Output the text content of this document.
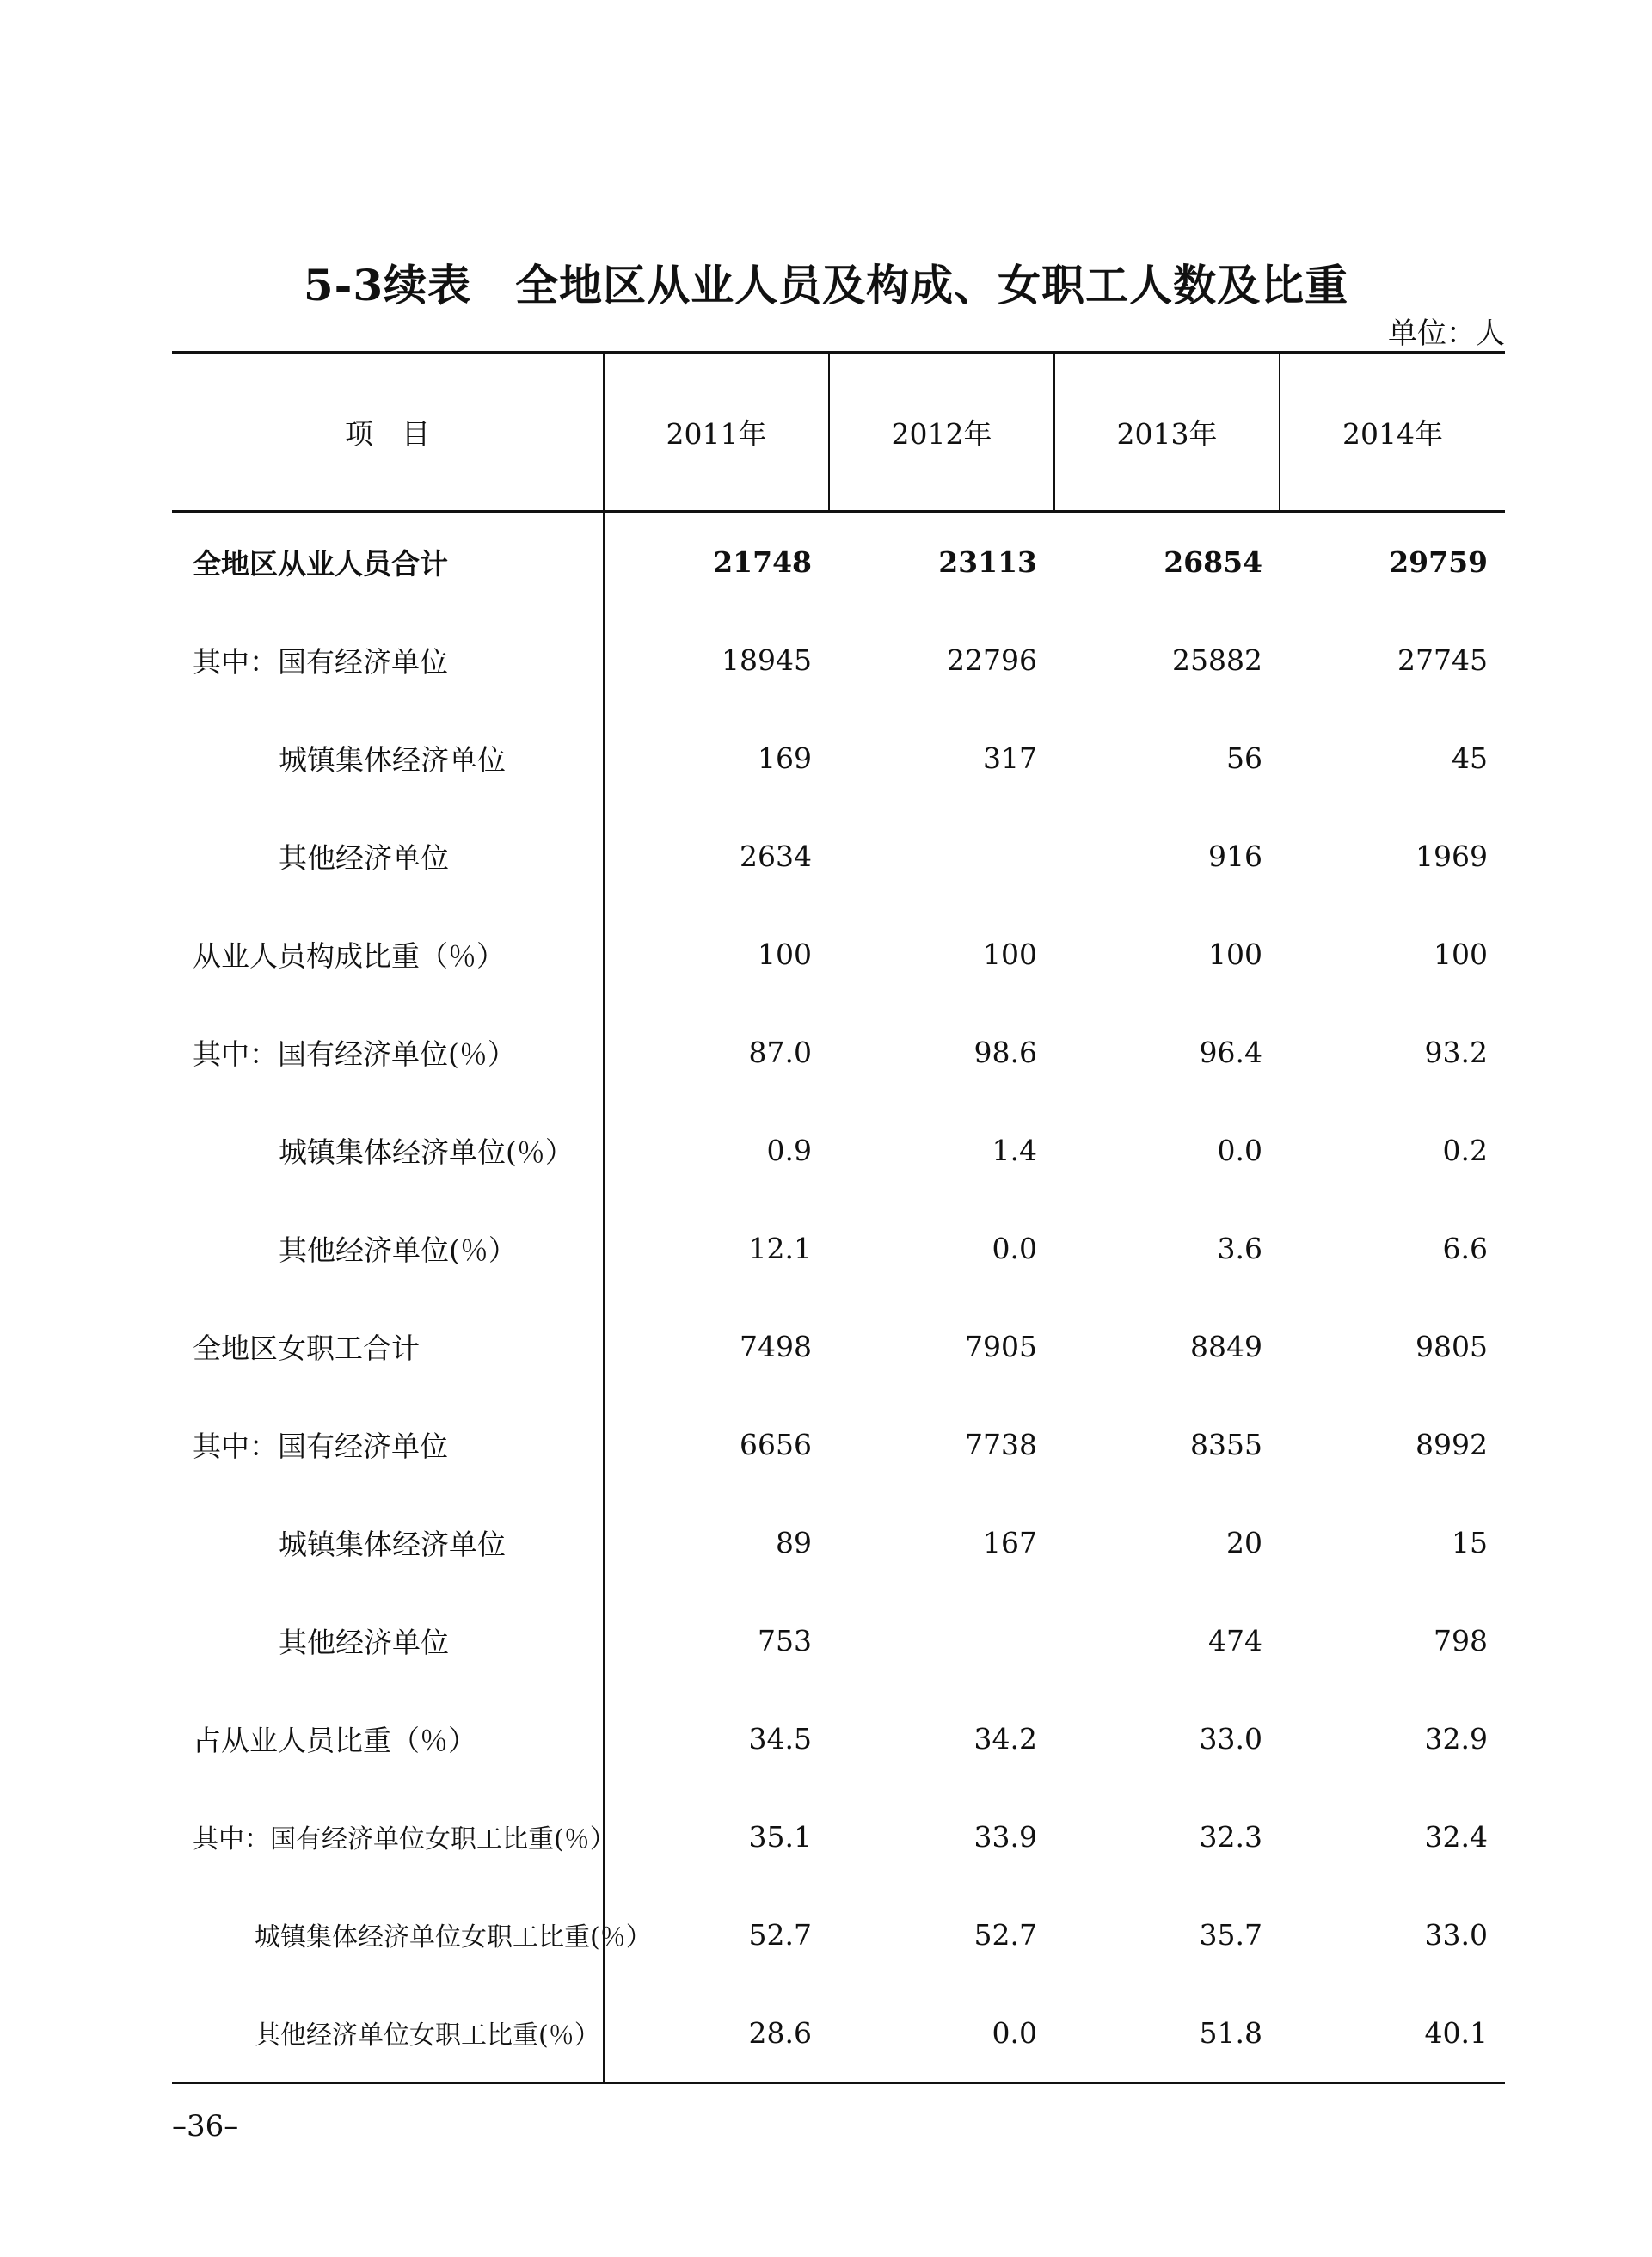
5-3续表　全地区从业人员及构成、女职工人数及比重
单位：人
项　目	2011年	2012年	2013年	2014年
全地区从业人员合计	21748	23113	26854	29759
其中：国有经济单位	18945	22796	25882	27745
城镇集体经济单位	169	317	56	45
其他经济单位	2634		916	1969
从业人员构成比重（％）	100	100	100	100
其中：国有经济单位(％）	87.0	98.6	96.4	93.2
城镇集体经济单位(％）	0.9	1.4	0.0	0.2
其他经济单位(％）	12.1	0.0	3.6	6.6
全地区女职工合计	7498	7905	8849	9805
其中：国有经济单位	6656	7738	8355	8992
城镇集体经济单位	89	167	20	15
其他经济单位	753		474	798
占从业人员比重（％）	34.5	34.2	33.0	32.9
其中：国有经济单位女职工比重(％）	35.1	33.9	32.3	32.4
城镇集体经济单位女职工比重(％）	52.7	52.7	35.7	33.0
其他经济单位女职工比重(％）	28.6	0.0	51.8	40.1
–36–
